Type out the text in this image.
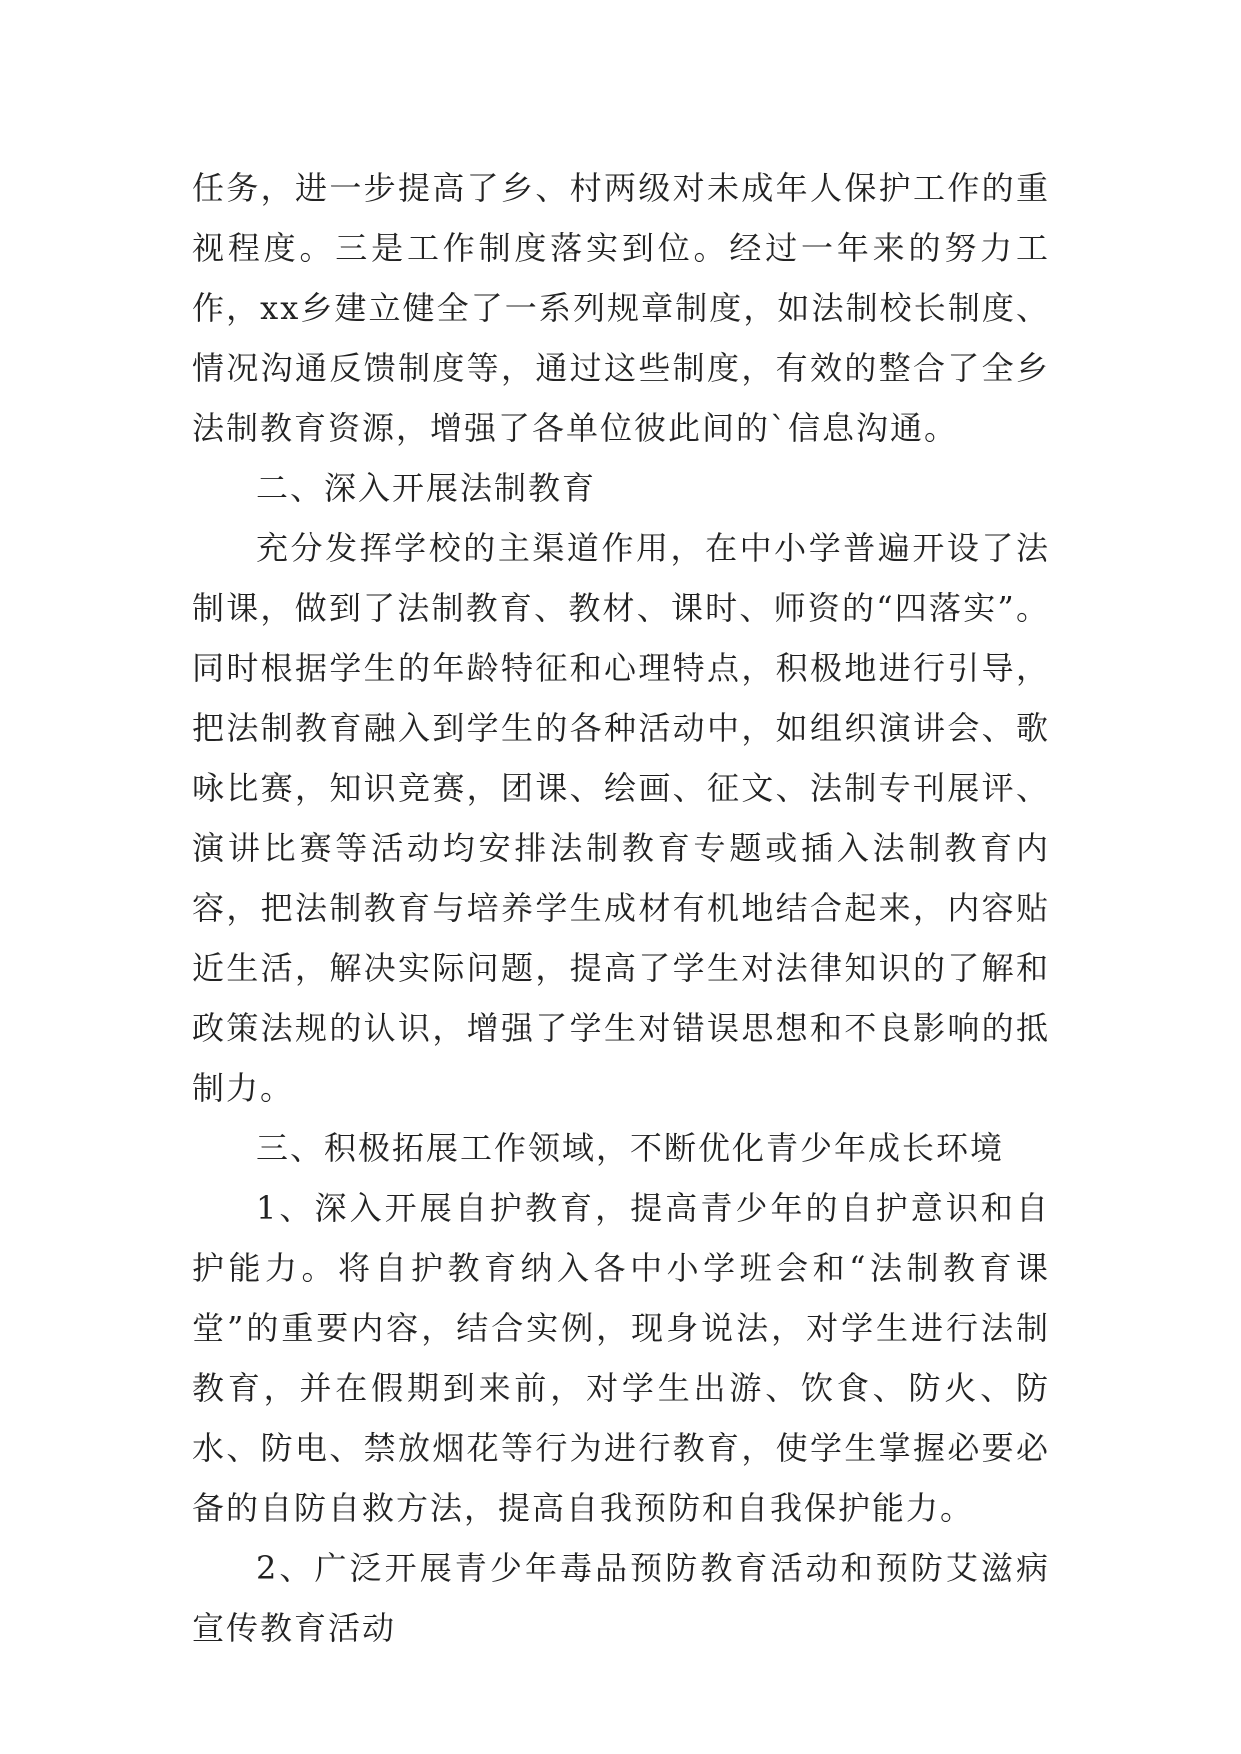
任务，进一步提高了乡、村两级对未成年人保护工作的重视程度。三是工作制度落实到位。经过一年来的努力工作，xx乡建立健全了一系列规章制度，如法制校长制度、情况沟通反馈制度等，通过这些制度，有效的整合了全乡法制教育资源，增强了各单位彼此间的`信息沟通。

二、深入开展法制教育

充分发挥学校的主渠道作用，在中小学普遍开设了法制课，做到了法制教育、教材、课时、师资的“四落实”。同时根据学生的年龄特征和心理特点，积极地进行引导，把法制教育融入到学生的各种活动中，如组织演讲会、歌咏比赛，知识竞赛，团课、绘画、征文、法制专刊展评、演讲比赛等活动均安排法制教育专题或插入法制教育内容，把法制教育与培养学生成材有机地结合起来，内容贴近生活，解决实际问题，提高了学生对法律知识的了解和政策法规的认识，增强了学生对错误思想和不良影响的抵制力。

三、积极拓展工作领域，不断优化青少年成长环境

1、深入开展自护教育，提高青少年的自护意识和自护能力。将自护教育纳入各中小学班会和“法制教育课堂”的重要内容，结合实例，现身说法，对学生进行法制教育，并在假期到来前，对学生出游、饮食、防火、防水、防电、禁放烟花等行为进行教育，使学生掌握必要必备的自防自救方法，提高自我预防和自我保护能力。

2、广泛开展青少年毒品预防教育活动和预防艾滋病宣传教育活动
